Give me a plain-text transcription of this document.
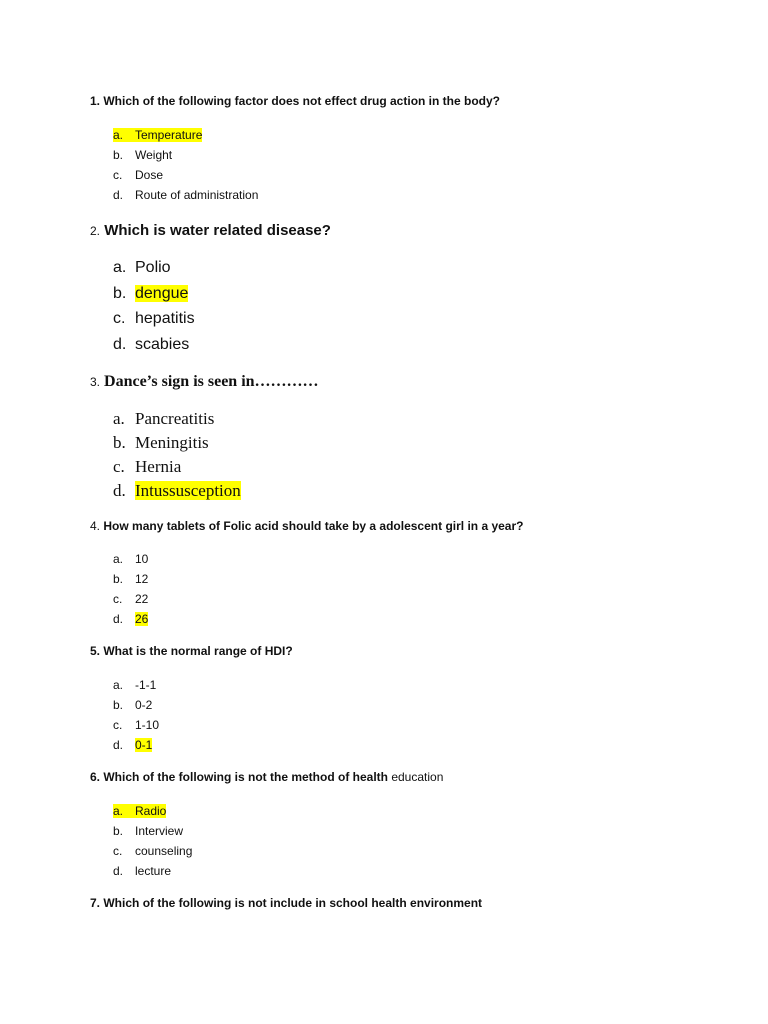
1. Which of the following factor does not effect drug action in the body?
a. Temperature
b. Weight
c. Dose
d. Route of administration
2. Which is water related disease?
a. Polio
b. dengue
c. hepatitis
d. scabies
3. Dance’s sign is seen in…………
a. Pancreatitis
b. Meningitis
c. Hernia
d. Intussusception
4. How many tablets of Folic acid should take by a adolescent girl in a year?
a. 10
b. 12
c. 22
d. 26
5. What is the normal range of HDI?
a. -1-1
b. 0-2
c. 1-10
d. 0-1
6. Which of the following is not the method of health education
a. Radio
b. Interview
c. counseling
d. lecture
7. Which of the following is not include in school health environment
